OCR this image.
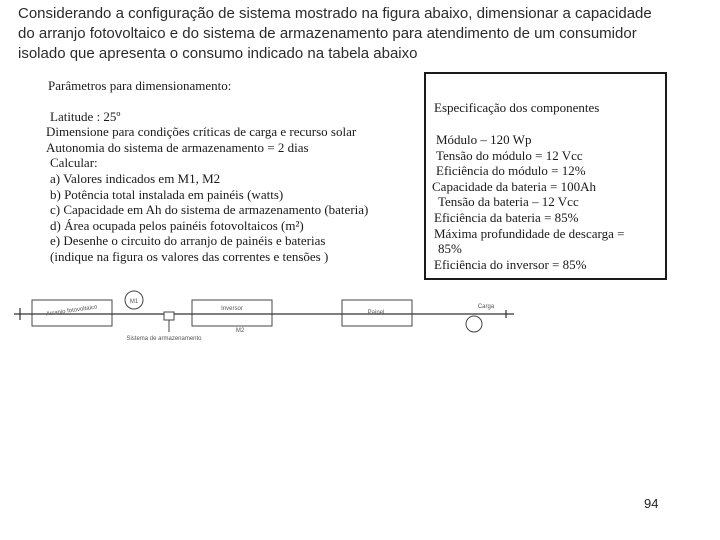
Considerando a configuração de sistema mostrado na figura abaixo, dimensionar a capacidade
do arranjo fotovoltaico e do sistema de armazenamento para atendimento de um consumidor
isolado que apresenta o consumo indicado na tabela abaixo
Parâmetros para dimensionamento:
Latitude : 25º
Dimensione para condições críticas de carga e recurso solar
Autonomia do sistema de armazenamento = 2 dias
Calcular:
a) Valores indicados em M1, M2
b) Potência total instalada em painéis (watts)
c) Capacidade em Ah do sistema de armazenamento (bateria)
d) Área ocupada pelos painéis fotovoltaicos (m²)
e) Desenhe o circuito do arranjo de painéis e baterias
(indique na figura os valores das correntes e tensões )
Especificação dos componentes
Módulo – 120 Wp
Tensão do módulo = 12 Vcc
Eficiência do módulo = 12%
Capacidade da bateria = 100Ah
Tensão da bateria – 12 Vcc
Eficiência da bateria = 85%
Máxima profundidade de descarga =
85%
Eficiência do inversor = 85%
Arranjo fotovoltaico
M1
Sistema de armazenamento
Inversor
M2
Painel
Carga
94
